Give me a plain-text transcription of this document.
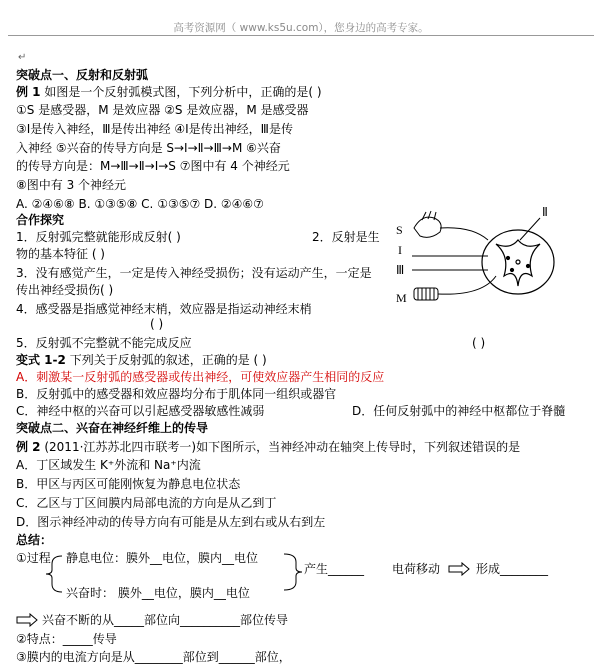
高考资源网（ www.ks5u.com），您身边的高考专家。
↵
突破点一、反射和反射弧
例 1 如图是一个反射弧模式图，下列分析中，正确的是( )
①S 是感受器，M 是效应器 ②S 是效应器，M 是感受器
③Ⅰ是传入神经，Ⅲ是传出神经 ④Ⅰ是传出神经，Ⅲ是传
入神经 ⑤兴奋的传导方向是 S→Ⅰ→Ⅱ→Ⅲ→M ⑥兴奋
的传导方向是：M→Ⅲ→Ⅱ→Ⅰ→S ⑦图中有 4 个神经元
⑧图中有 3 个神经元
A. ②④⑥⑧ B. ①③⑤⑧ C. ①③⑤⑦ D. ②④⑥⑦
合作探究
1．反射弧完整就能形成反射( )	2．反射是生
物的基本特征 ( )
3．没有感觉产生，一定是传入神经受损伤；没有运动产生，一定是
传出神经受损伤( )
4．感受器是指感觉神经末梢，效应器是指运动神经末梢
( )
5．反射弧不完整就不能完成反应	( )
S
I
Ⅲ
M
Ⅱ
变式 1-2 下列关于反射弧的叙述，正确的是 ( )
A．刺激某一反射弧的感受器或传出神经，可使效应器产生相同的反应
B．反射弧中的感受器和效应器均分布于肌体同一组织或器官
C．神经中枢的兴奋可以引起感受器敏感性减弱	D．任何反射弧中的神经中枢都位于脊髓
突破点二、兴奋在神经纤维上的传导
例 2 (2011·江苏苏北四市联考一)如下图所示，当神经冲动在轴突上传导时，下列叙述错误的是
A．丁区域发生 K⁺外流和 Na⁺内流
B．甲区与丙区可能刚恢复为静息电位状态
C．乙区与丁区间膜内局部电流的方向是从乙到丁
D．图示神经冲动的传导方向有可能是从左到右或从右到左
总结：
①过程 静息电位：膜外__电位，膜内__电位
兴奋时： 膜外__电位，膜内__电位
产生______ 电荷移动	形成________
兴奋不断的从_____部位向__________部位传导
②特点：_____传导
③膜内的电流方向是从________部位到______部位，
